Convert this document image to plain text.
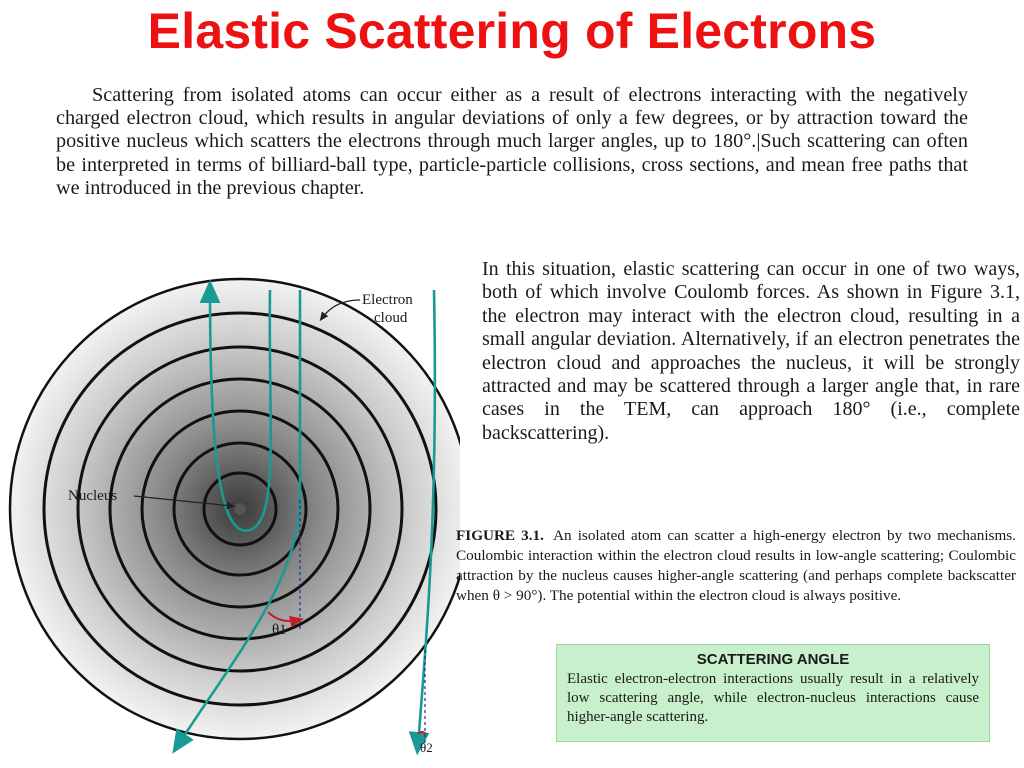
Elastic Scattering of Electrons
Scattering from isolated atoms can occur either as a result of electrons interacting with the negatively charged electron cloud, which results in angular deviations of only a few degrees, or by attraction toward the positive nucleus which scatters the electrons through much larger angles, up to 180°.|Such scattering can often be interpreted in terms of billiard-ball type, particle-particle collisions, cross sections, and mean free paths that we introduced in the previous chapter.
Electron
cloud
Nucleus
θ1
θ2
In this situation, elastic scattering can occur in one of two ways, both of which involve Coulomb forces. As shown in Figure 3.1, the electron may interact with the electron cloud, resulting in a small angular deviation. Alternatively, if an electron penetrates the electron cloud and approaches the nucleus, it will be strongly attracted and may be scattered through a larger angle that, in rare cases in the TEM, can approach 180° (i.e., complete backscattering).
FIGURE 3.1. An isolated atom can scatter a high-energy electron by two mechanisms. Coulombic interaction within the electron cloud results in low-angle scattering; Coulombic attraction by the nucleus causes higher-angle scattering (and perhaps complete backscatter when θ > 90°). The potential within the electron cloud is always positive.
SCATTERING ANGLE
Elastic electron-electron interactions usually result in a relatively low scattering angle, while electron-nucleus interactions cause higher-angle scattering.
